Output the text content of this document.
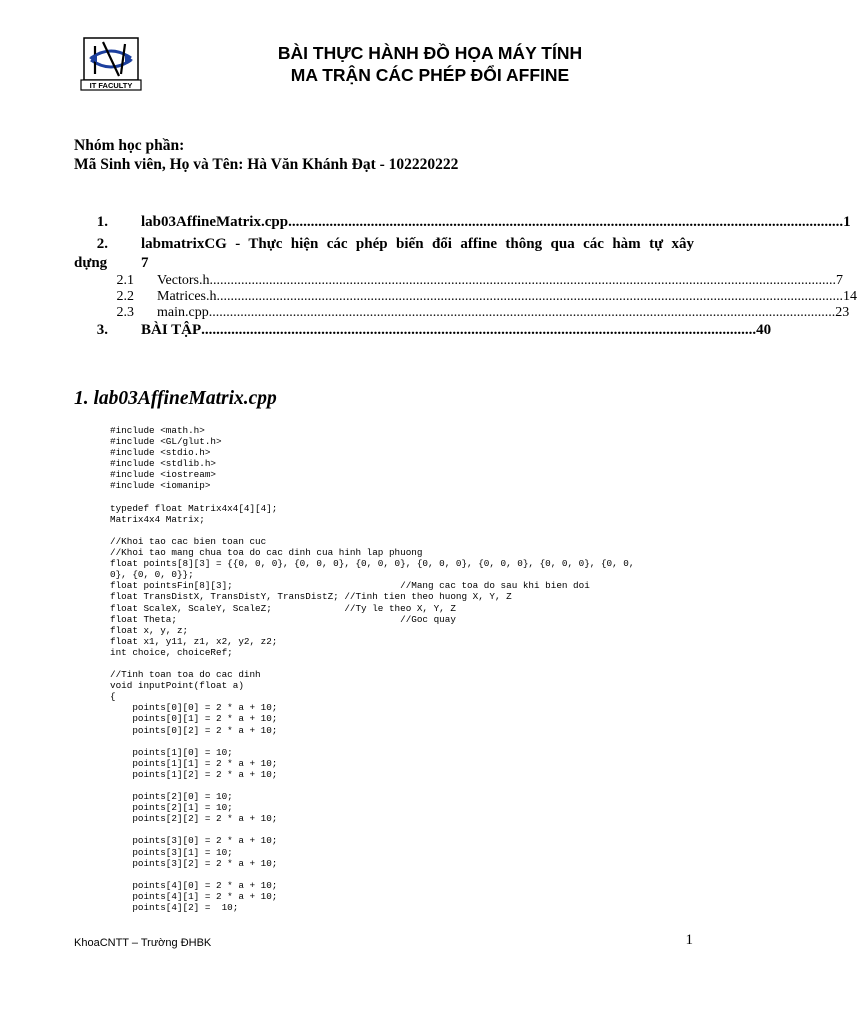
IT FACULTY
BÀI THỰC HÀNH ĐỒ HỌA MÁY TÍNH
MA TRẬN CÁC PHÉP ĐỔI AFFINE
Nhóm học phần:
Mã Sinh viên, Họ và Tên: Hà Văn Khánh Đạt - 102220222
1.	lab03AffineMatrix.cpp .................................................................................................................................................... 1
2.	labmatrixCG - Thực hiện các phép biến đổi affine thông qua các hàm tự xây
dựng	7
2.1	Vectors.h ................................................................................................................................................................................... 7
2.2	Matrices.h ................................................................................................................................................................................... 14
2.3	main.cpp ................................................................................................................................................................................... 23
3.	BÀI TẬP .................................................................................................................................................... 40
1. lab03AffineMatrix.cpp
#include <math.h>
#include <GL/glut.h>
#include <stdio.h>
#include <stdlib.h>
#include <iostream>
#include <iomanip>

typedef float Matrix4x4[4][4];
Matrix4x4 Matrix;

//Khoi tao cac bien toan cuc
//Khoi tao mang chua toa do cac dinh cua hinh lap phuong
float points[8][3] = {{0, 0, 0}, {0, 0, 0}, {0, 0, 0}, {0, 0, 0}, {0, 0, 0}, {0, 0, 0}, {0, 0,
0}, {0, 0, 0}};
float pointsFin[8][3];                              //Mang cac toa do sau khi bien doi
float TransDistX, TransDistY, TransDistZ; //Tinh tien theo huong X, Y, Z
float ScaleX, ScaleY, ScaleZ;             //Ty le theo X, Y, Z
float Theta;                                        //Goc quay
float x, y, z;
float x1, y11, z1, x2, y2, z2;
int choice, choiceRef;

//Tinh toan toa do cac dinh
void inputPoint(float a)
{
points[0][0] = 2 * a + 10;
points[0][1] = 2 * a + 10;
points[0][2] = 2 * a + 10;

points[1][0] = 10;
points[1][1] = 2 * a + 10;
points[1][2] = 2 * a + 10;

points[2][0] = 10;
points[2][1] = 10;
points[2][2] = 2 * a + 10;

points[3][0] = 2 * a + 10;
points[3][1] = 10;
points[3][2] = 2 * a + 10;

points[4][0] = 2 * a + 10;
points[4][1] = 2 * a + 10;
points[4][2] =  10;
KhoaCNTT – Trường ĐHBK	1
